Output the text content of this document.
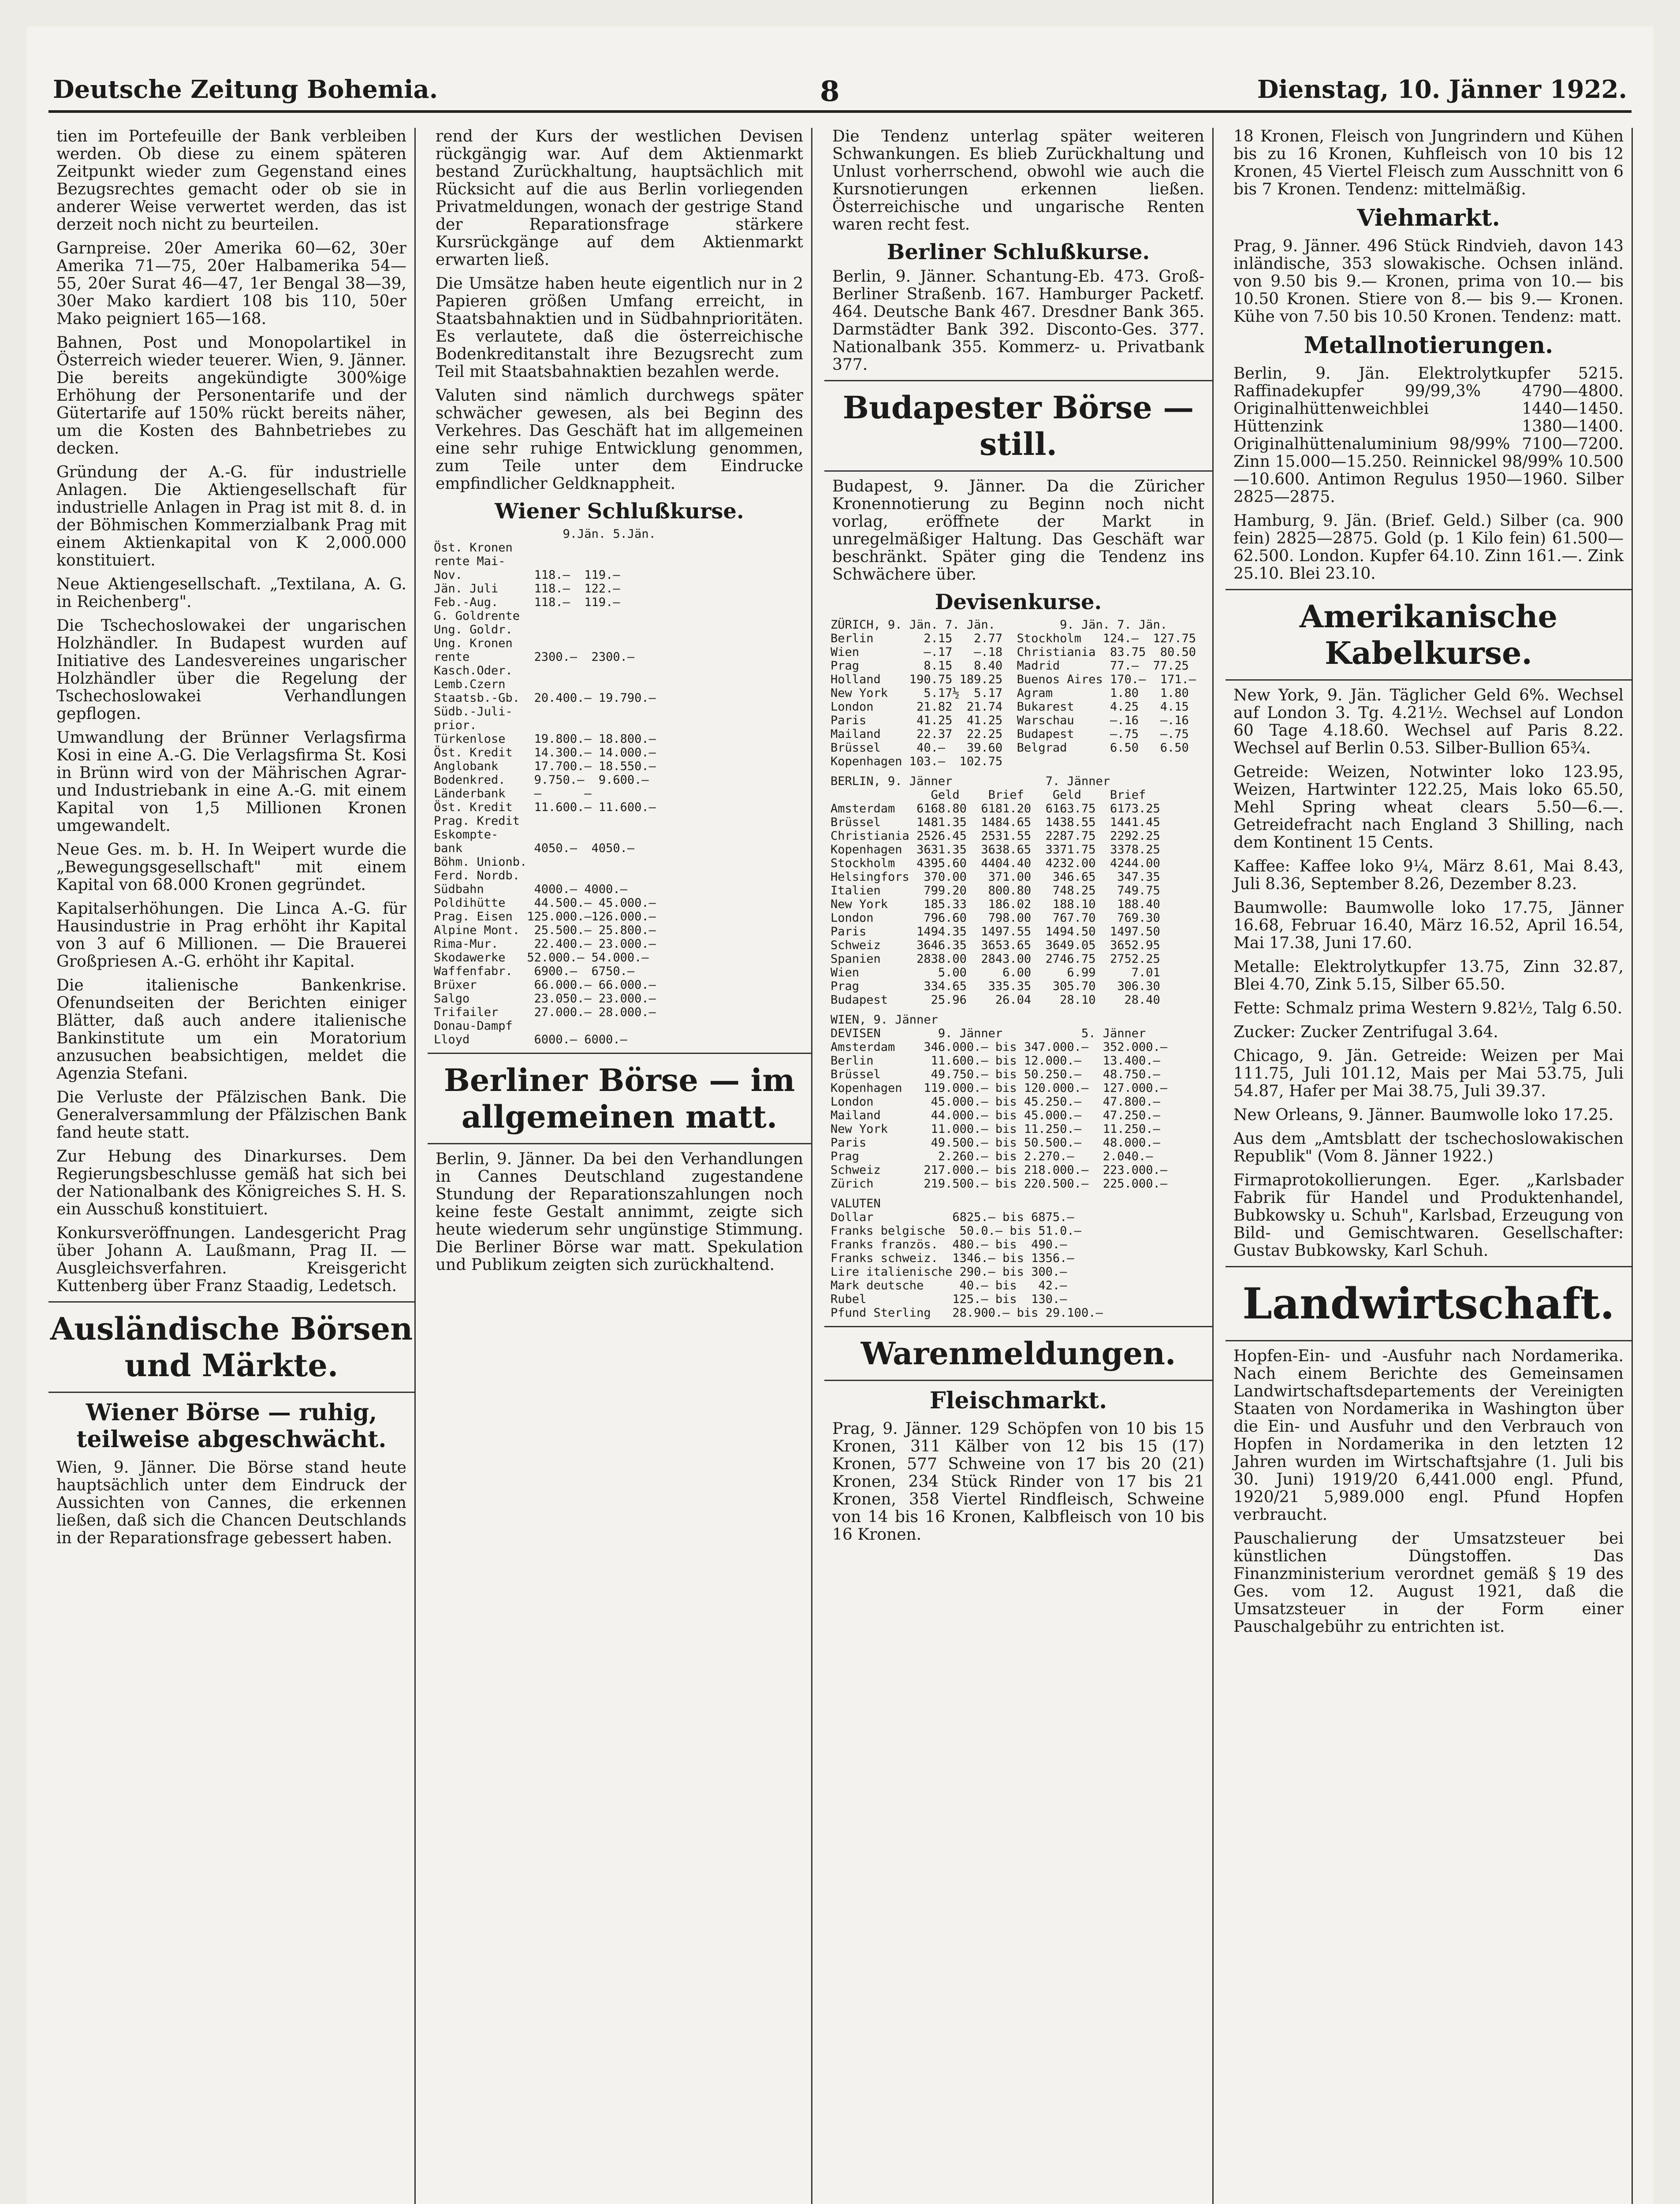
Deutsche Zeitung Bohemia.	8	Dienstag, 10. Jänner 1922.

tien im Portefeuille der Bank verbleiben werden. Ob diese zu einem späteren Zeitpunkt wieder zum Gegenstand eines Bezugsrechtes gemacht oder ob sie in anderer Weise verwertet werden, das ist derzeit noch nicht zu beurteilen.

Garnpreise. 20er Amerika 60—62, 30er Amerika 71—75, 20er Halbamerika 54—55, 20er Surat 46—47, 1er Bengal 38—39, 30er Mako kardiert 108 bis 110, 50er Mako peigniert 165—168.

Bahnen, Post und Monopolartikel in Österreich wieder teuerer. Wien, 9. Jänner. Die bereits angekündigte 300%ige Erhöhung der Personentarife und der Gütertarife auf 150% rückt bereits näher, um die Kosten des Bahnbetriebes zu decken.

Gründung der A.-G. für industrielle Anlagen. Die Aktiengesellschaft für industrielle Anlagen in Prag ist mit 8. d. in der Böhmischen Kommerzialbank Prag mit einem Aktienkapital von K 2,000.000 konstituiert.

Neue Aktiengesellschaft. „Textilana, A. G. in Reichenberg".

Die Tschechoslowakei der ungarischen Holzhändler. In Budapest wurden auf Initiative des Landesvereines ungarischer Holzhändler über die Regelung der Tschechoslowakei Verhandlungen gepflogen.

Umwandlung der Brünner Verlagsfirma Kosi in eine A.-G. Die Verlagsfirma St. Kosi in Brünn wird von der Mährischen Agrar- und Industriebank in eine A.-G. mit einem Kapital von 1,5 Millionen Kronen umgewandelt.

Neue Ges. m. b. H. In Weipert wurde die „Bewegungsgesellschaft" mit einem Kapital von 68.000 Kronen gegründet.

Kapitalserhöhungen. Die Linca A.-G. für Hausindustrie in Prag erhöht ihr Kapital von 3 auf 6 Millionen. — Die Brauerei Großpriesen A.-G. erhöht ihr Kapital.

Die italienische Bankenkrise. Ofenundseiten der Berichten einiger Blätter, daß auch andere italienische Bankinstitute um ein Moratorium anzusuchen beabsichtigen, meldet die Agenzia Stefani.

Die Verluste der Pfälzischen Bank. Die Generalversammlung der Pfälzischen Bank fand heute statt.

Zur Hebung des Dinarkurses. Dem Regierungsbeschlusse gemäß hat sich bei der Nationalbank des Königreiches S. H. S. ein Ausschuß konstituiert.

Konkursveröffnungen. Landesgericht Prag über Johann A. Laußmann, Prag II. — Ausgleichsverfahren. Kreisgericht Kuttenberg über Franz Staadig, Ledetsch.

Ausländische Börsen und Märkte.
Wiener Börse — ruhig, teilweise abgeschwächt.

Wien, 9. Jänner. Die Börse stand heute hauptsächlich unter dem Eindruck der Aussichten von Cannes, die erkennen ließen, daß sich die Chancen Deutschlands in der Reparationsfrage gebessert haben.

rend der Kurs der westlichen Devisen rückgängig war. Auf dem Aktienmarkt bestand Zurückhaltung, hauptsächlich mit Rücksicht auf die aus Berlin vorliegenden Privatmeldungen, wonach der gestrige Stand der Reparationsfrage stärkere Kursrückgänge auf dem Aktienmarkt erwarten ließ.

Die Umsätze haben heute eigentlich nur in 2 Papieren größen Umfang erreicht, in Staatsbahnaktien und in Südbahnprioritäten. Es verlautete, daß die österreichische Bodenkreditanstalt ihre Bezugsrecht zum Teil mit Staatsbahnaktien bezahlen werde.

Valuten sind nämlich durchwegs später schwächer gewesen, als bei Beginn des Verkehres. Das Geschäft hat im allgemeinen eine sehr ruhige Entwicklung genommen, zum Teile unter dem Eindrucke empfindlicher Geldknappheit.

Wiener Schlußkurse.
9.Jän. 5.Jän.
Öst. Kronen
rente Mai-
Nov.          118.—  119.—
Jän. Juli     118.—  122.—
Feb.-Aug.     118.—  119.—
G. Goldrente
Ung. Goldr.
Ung. Kronen
rente         2300.—  2300.—
Kasch.Oder.
Lemb.Czern
Staatsb.-Gb.  20.400.— 19.790.—
Südb.-Juli-
prior.
Türkenlose    19.800.— 18.800.—
Öst. Kredit   14.300.— 14.000.—
Anglobank     17.700.— 18.550.—
Bodenkred.    9.750.—  9.600.—
Länderbank    —      —
Öst. Kredit   11.600.— 11.600.—
Prag. Kredit
Eskompte-
bank          4050.—  4050.—
Böhm. Unionb.
Ferd. Nordb.
Südbahn       4000.— 4000.—
Poldihütte    44.500.— 45.000.—
Prag. Eisen  125.000.—126.000.—
Alpine Mont.  25.500.— 25.800.—
Rima-Mur.     22.400.— 23.000.—
Skodawerke   52.000.— 54.000.—
Waffenfabr.   6900.—  6750.—
Brüxer        66.000.— 66.000.—
Salgo         23.050.— 23.000.—
Trifailer     27.000.— 28.000.—
Donau-Dampf
Lloyd         6000.— 6000.—
Berliner Börse — im allgemeinen matt.

Berlin, 9. Jänner. Da bei den Verhandlungen in Cannes Deutschland zugestandene Stundung der Reparationszahlungen noch keine feste Gestalt annimmt, zeigte sich heute wiederum sehr ungünstige Stimmung. Die Berliner Börse war matt. Spekulation und Publikum zeigten sich zurückhaltend.

Die Tendenz unterlag später weiteren Schwankungen. Es blieb Zurückhaltung und Unlust vorherrschend, obwohl wie auch die Kursnotierungen erkennen ließen. Österreichische und ungarische Renten waren recht fest.

Berliner Schlußkurse.

Berlin, 9. Jänner. Schantung-Eb. 473. Groß-Berliner Straßenb. 167. Hamburger Packetf. 464. Deutsche Bank 467. Dresdner Bank 365. Darmstädter Bank 392. Disconto-Ges. 377. Nationalbank 355. Kommerz- u. Privatbank 377.

Budapester Börse — still.

Budapest, 9. Jänner. Da die Züricher Kronennotierung zu Beginn noch nicht vorlag, eröffnete der Markt in unregelmäßiger Haltung. Das Geschäft war beschränkt. Später ging die Tendenz ins Schwächere über.

Devisenkurse.
ZÜRICH, 9. Jän. 7. Jän.         9. Jän. 7. Jän.
Berlin       2.15   2.77  Stockholm   124.—  127.75
Wien         —.17   —.18  Christiania  83.75  80.50
Prag         8.15   8.40  Madrid       77.—  77.25
Holland    190.75 189.25  Buenos Aires 170.—  171.—
New York     5.17½  5.17  Agram        1.80   1.80
London      21.82  21.74  Bukarest     4.25   4.15
Paris       41.25  41.25  Warschau     —.16   —.16
Mailand     22.37  22.25  Budapest     —.75   —.75
Brüssel     40.—   39.60  Belgrad      6.50   6.50
Kopenhagen 103.—  102.75
BERLIN, 9. Jänner             7. Jänner
Geld    Brief    Geld    Brief
Amsterdam   6168.80  6181.20  6163.75  6173.25
Brüssel     1481.35  1484.65  1438.55  1441.45
Christiania 2526.45  2531.55  2287.75  2292.25
Kopenhagen  3631.35  3638.65  3371.75  3378.25
Stockholm   4395.60  4404.40  4232.00  4244.00
Helsingfors  370.00   371.00   346.65   347.35
Italien      799.20   800.80   748.25   749.75
New York     185.33   186.02   188.10   188.40
London       796.60   798.00   767.70   769.30
Paris       1494.35  1497.55  1494.50  1497.50
Schweiz     3646.35  3653.65  3649.05  3652.95
Spanien     2838.00  2843.00  2746.75  2752.25
Wien           5.00     6.00     6.99     7.01
Prag         334.65   335.35   305.70   306.30
Budapest      25.96    26.04    28.10    28.40
WIEN, 9. Jänner
DEVISEN        9. Jänner           5. Jänner
Amsterdam    346.000.— bis 347.000.—  352.000.—
Berlin        11.600.— bis 12.000.—   13.400.—
Brüssel       49.750.— bis 50.250.—   48.750.—
Kopenhagen   119.000.— bis 120.000.—  127.000.—
London        45.000.— bis 45.250.—   47.800.—
Mailand       44.000.— bis 45.000.—   47.250.—
New York      11.000.— bis 11.250.—   11.250.—
Paris         49.500.— bis 50.500.—   48.000.—
Prag           2.260.— bis 2.270.—    2.040.—
Schweiz      217.000.— bis 218.000.—  223.000.—
Zürich       219.500.— bis 220.500.—  225.000.—
VALUTEN
Dollar           6825.— bis 6875.—
Franks belgische  50.0.— bis 51.0.—
Franks französ.  480.— bis  490.—
Franks schweiz.  1346.— bis 1356.—
Lire italienische 290.— bis 300.—
Mark deutsche     40.— bis   42.—
Rubel            125.— bis  130.—
Pfund Sterling   28.900.— bis 29.100.—
Warenmeldungen.
Fleischmarkt.

Prag, 9. Jänner. 129 Schöpfen von 10 bis 15 Kronen, 311 Kälber von 12 bis 15 (17) Kronen, 577 Schweine von 17 bis 20 (21) Kronen, 234 Stück Rinder von 17 bis 21 Kronen, 358 Viertel Rindfleisch, Schweine von 14 bis 16 Kronen, Kalbfleisch von 10 bis 16 Kronen.

18 Kronen, Fleisch von Jungrindern und Kühen bis zu 16 Kronen, Kuhfleisch von 10 bis 12 Kronen, 45 Viertel Fleisch zum Ausschnitt von 6 bis 7 Kronen. Tendenz: mittelmäßig.

Viehmarkt.

Prag, 9. Jänner. 496 Stück Rindvieh, davon 143 inländische, 353 slowakische. Ochsen inländ. von 9.50 bis 9.— Kronen, prima von 10.— bis 10.50 Kronen. Stiere von 8.— bis 9.— Kronen. Kühe von 7.50 bis 10.50 Kronen. Tendenz: matt.

Metallnotierungen.

Berlin, 9. Jän. Elektrolytkupfer 5215. Raffinadekupfer 99/99,3% 4790—4800. Originalhüttenweichblei 1440—1450. Hüttenzink 1380—1400. Originalhüttenaluminium 98/99% 7100—7200. Zinn 15.000—15.250. Reinnickel 98/99% 10.500—10.600. Antimon Regulus 1950—1960. Silber 2825—2875.

Hamburg, 9. Jän. (Brief. Geld.) Silber (ca. 900 fein) 2825—2875. Gold (p. 1 Kilo fein) 61.500—62.500. London. Kupfer 64.10. Zinn 161.—. Zink 25.10. Blei 23.10.

Amerikanische Kabelkurse.

New York, 9. Jän. Täglicher Geld 6%. Wechsel auf London 3. Tg. 4.21½. Wechsel auf London 60 Tage 4.18.60. Wechsel auf Paris 8.22. Wechsel auf Berlin 0.53. Silber-Bullion 65¾.

Getreide: Weizen, Notwinter loko 123.95, Weizen, Hartwinter 122.25, Mais loko 65.50, Mehl Spring wheat clears 5.50—6.—. Getreidefracht nach England 3 Shilling, nach dem Kontinent 15 Cents.

Kaffee: Kaffee loko 9¼, März 8.61, Mai 8.43, Juli 8.36, September 8.26, Dezember 8.23.

Baumwolle: Baumwolle loko 17.75, Jänner 16.68, Februar 16.40, März 16.52, April 16.54, Mai 17.38, Juni 17.60.

Metalle: Elektrolytkupfer 13.75, Zinn 32.87, Blei 4.70, Zink 5.15, Silber 65.50.

Fette: Schmalz prima Western 9.82½, Talg 6.50.

Zucker: Zucker Zentrifugal 3.64.

Chicago, 9. Jän. Getreide: Weizen per Mai 111.75, Juli 101.12, Mais per Mai 53.75, Juli 54.87, Hafer per Mai 38.75, Juli 39.37.

New Orleans, 9. Jänner. Baumwolle loko 17.25.

Aus dem „Amtsblatt der tschechoslowakischen Republik" (Vom 8. Jänner 1922.)

Firmaprotokollierungen. Eger. „Karlsbader Fabrik für Handel und Produktenhandel, Bubkowsky u. Schuh", Karlsbad, Erzeugung von Bild- und Gemischtwaren. Gesellschafter: Gustav Bubkowsky, Karl Schuh.

Landwirtschaft.

Hopfen-Ein- und -Ausfuhr nach Nordamerika. Nach einem Berichte des Gemeinsamen Landwirtschaftsdepartements der Vereinigten Staaten von Nordamerika in Washington über die Ein- und Ausfuhr und den Verbrauch von Hopfen in Nordamerika in den letzten 12 Jahren wurden im Wirtschaftsjahre (1. Juli bis 30. Juni) 1919/20 6,441.000 engl. Pfund, 1920/21 5,989.000 engl. Pfund Hopfen verbraucht.

Pauschalierung der Umsatzsteuer bei künstlichen Düngstoffen. Das Finanzministerium verordnet gemäß § 19 des Ges. vom 12. August 1921, daß die Umsatzsteuer in der Form einer Pauschalgebühr zu entrichten ist.
